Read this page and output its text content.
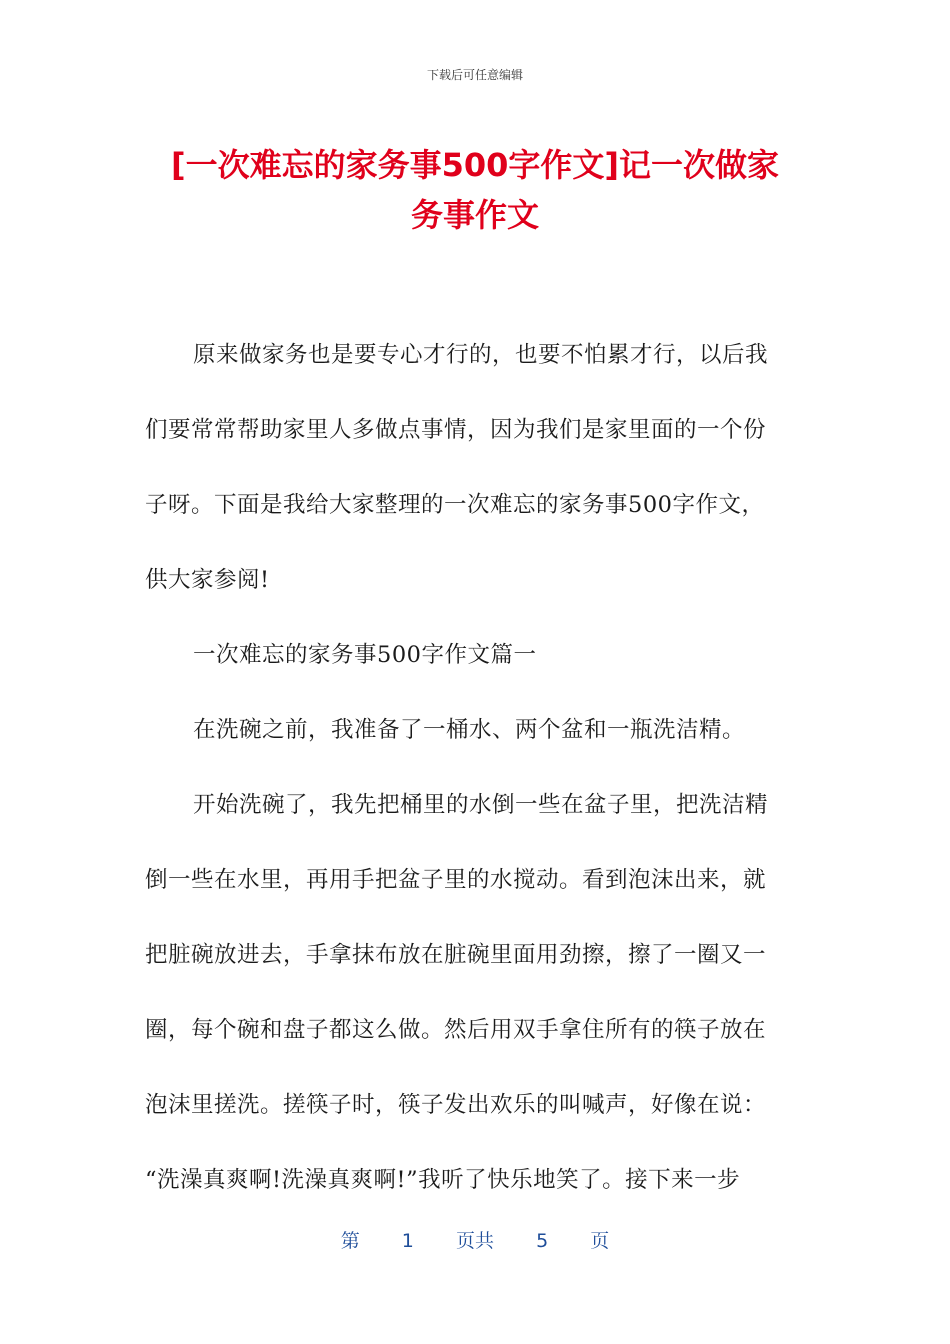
下载后可任意编辑
[一次难忘的家务事500字作文]记一次做家
务事作文
原来做家务也是要专心才行的，也要不怕累才行，以后我
们要常常帮助家里人多做点事情，因为我们是家里面的一个份
子呀。下面是我给大家整理的一次难忘的家务事500字作文，
供大家参阅!
一次难忘的家务事500字作文篇一
在洗碗之前，我准备了一桶水、两个盆和一瓶洗洁精。
开始洗碗了，我先把桶里的水倒一些在盆子里，把洗洁精
倒一些在水里，再用手把盆子里的水搅动。看到泡沫出来，就
把脏碗放进去，手拿抹布放在脏碗里面用劲擦，擦了一圈又一
圈，每个碗和盘子都这么做。然后用双手拿住所有的筷子放在
泡沫里搓洗。搓筷子时，筷子发出欢乐的叫喊声，好像在说：
“洗澡真爽啊!洗澡真爽啊!”我听了快乐地笑了。接下来一步
第 1 页共 5 页
